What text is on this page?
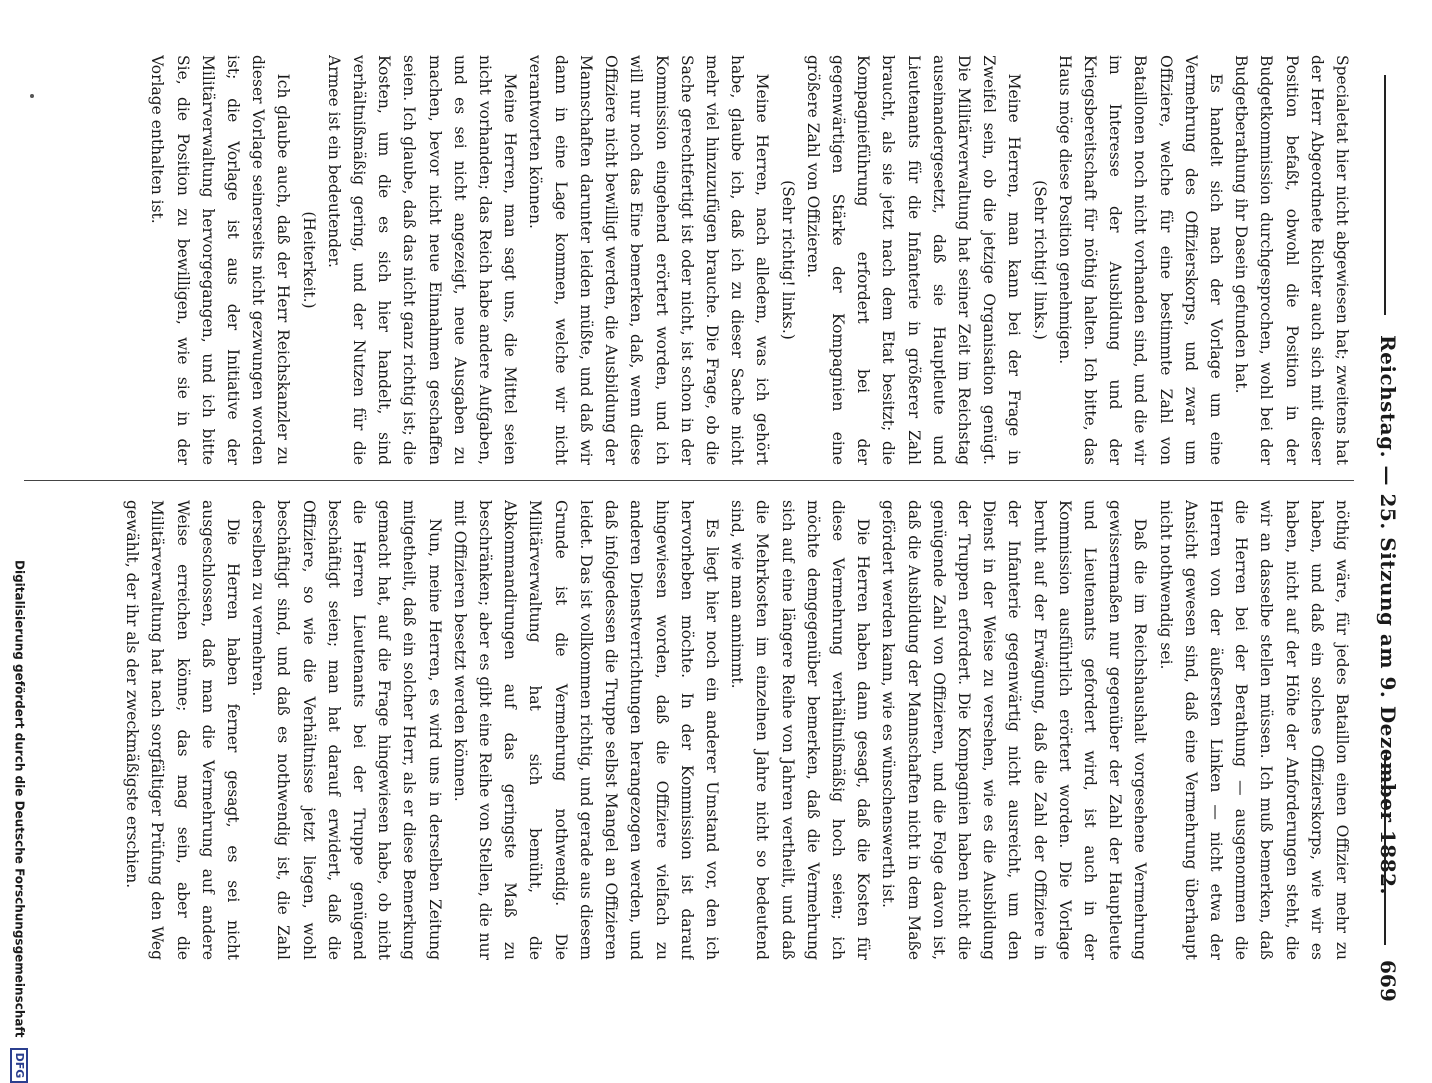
Reichstag. — 25. Sitzung am 9. Dezember 1882.
669

Specialetat hier nicht abgewiesen hat; zweitens hat der Herr Abgeordnete Richter auch sich mit dieser Position befaßt, obwohl die Position in der Budgetkommission durchgesprochen, wohl bei der Budgetberathung ihr Dasein gefunden hat.

Es handelt sich nach der Vorlage um eine Vermehrung des Offizierskorps, und zwar um Offiziere, welche für eine bestimmte Zahl von Bataillonen noch nicht vorhanden sind, und die wir im Interesse der Ausbildung und der Kriegsbereitschaft für nöthig halten. Ich bitte, das Haus möge diese Position genehmigen.

(Sehr richtig! links.)

Meine Herren, man kann bei der Frage in Zweifel sein, ob die jetzige Organisation genügt. Die Militärverwaltung hat seiner Zeit im Reichstag auseinandergesetzt, daß sie Hauptleute und Lieutenants für die Infanterie in größerer Zahl braucht, als sie jetzt nach dem Etat besitzt; die Kompagnieführung erfordert bei der gegenwärtigen Stärke der Kompagnien eine größere Zahl von Offizieren.

(Sehr richtig! links.)

Meine Herren, nach alledem, was ich gehört habe, glaube ich, daß ich zu dieser Sache nicht mehr viel hinzuzufügen brauche. Die Frage, ob die Sache gerechtfertigt ist oder nicht, ist schon in der Kommission eingehend erörtert worden, und ich will nur noch das Eine bemerken, daß, wenn diese Offiziere nicht bewilligt werden, die Ausbildung der Mannschaften darunter leiden müßte, und daß wir dann in eine Lage kommen, welche wir nicht verantworten können.

Meine Herren, man sagt uns, die Mittel seien nicht vorhanden; das Reich habe andere Aufgaben, und es sei nicht angezeigt, neue Ausgaben zu machen, bevor nicht neue Einnahmen geschaffen seien. Ich glaube, daß das nicht ganz richtig ist; die Kosten, um die es sich hier handelt, sind verhältnißmäßig gering, und der Nutzen für die Armee ist ein bedeutender.

(Heiterkeit.)

Ich glaube auch, daß der Herr Reichskanzler zu dieser Vorlage seinerseits nicht gezwungen worden ist; die Vorlage ist aus der Initiative der Militärverwaltung hervorgegangen, und ich bitte Sie, die Position zu bewilligen, wie sie in der Vorlage enthalten ist.

nöthig wäre, für jedes Bataillon einen Offizier mehr zu haben, und daß ein solches Offizierskorps, wie wir es haben, nicht auf der Höhe der Anforderungen steht, die wir an dasselbe stellen müssen. Ich muß bemerken, daß die Herren bei der Berathung — ausgenommen die Herren von der äußersten Linken — nicht etwa der Ansicht gewesen sind, daß eine Vermehrung überhaupt nicht nothwendig sei.

Daß die im Reichshaushalt vorgesehene Vermehrung gewissermaßen nur gegenüber der Zahl der Hauptleute und Lieutenants gefordert wird, ist auch in der Kommission ausführlich erörtert worden. Die Vorlage beruht auf der Erwägung, daß die Zahl der Offiziere in der Infanterie gegenwärtig nicht ausreicht, um den Dienst in der Weise zu versehen, wie es die Ausbildung der Truppen erfordert. Die Kompagnien haben nicht die genügende Zahl von Offizieren, und die Folge davon ist, daß die Ausbildung der Mannschaften nicht in dem Maße gefördert werden kann, wie es wünschenswerth ist.

Die Herren haben dann gesagt, daß die Kosten für diese Vermehrung verhältnißmäßig hoch seien; ich möchte demgegenüber bemerken, daß die Vermehrung sich auf eine längere Reihe von Jahren vertheilt, und daß die Mehrkosten im einzelnen Jahre nicht so bedeutend sind, wie man annimmt.

Es liegt hier noch ein anderer Umstand vor, den ich hervorheben möchte. In der Kommission ist darauf hingewiesen worden, daß die Offiziere vielfach zu anderen Dienstverrichtungen herangezogen werden, und daß infolgedessen die Truppe selbst Mangel an Offizieren leidet. Das ist vollkommen richtig, und gerade aus diesem Grunde ist die Vermehrung nothwendig. Die Militärverwaltung hat sich bemüht, die Abkommandirungen auf das geringste Maß zu beschränken; aber es gibt eine Reihe von Stellen, die nur mit Offizieren besetzt werden können.

Nun, meine Herren, es wird uns in derselben Zeitung mitgetheilt, daß ein solcher Herr, als er diese Bemerkung gemacht hat, auf die Frage hingewiesen habe, ob nicht die Herren Lieutenants bei der Truppe genügend beschäftigt seien; man hat darauf erwidert, daß die Offiziere, so wie die Verhältnisse jetzt liegen, wohl beschäftigt sind, und daß es nothwendig ist, die Zahl derselben zu vermehren.

Die Herren haben ferner gesagt, es sei nicht ausgeschlossen, daß man die Vermehrung auf andere Weise erreichen könne; das mag sein, aber die Militärverwaltung hat nach sorgfältiger Prüfung den Weg gewählt, der ihr als der zweckmäßigste erschien.

Digitalisierung gefördert durch die Deutsche Forschungsgemeinschaft DFG
